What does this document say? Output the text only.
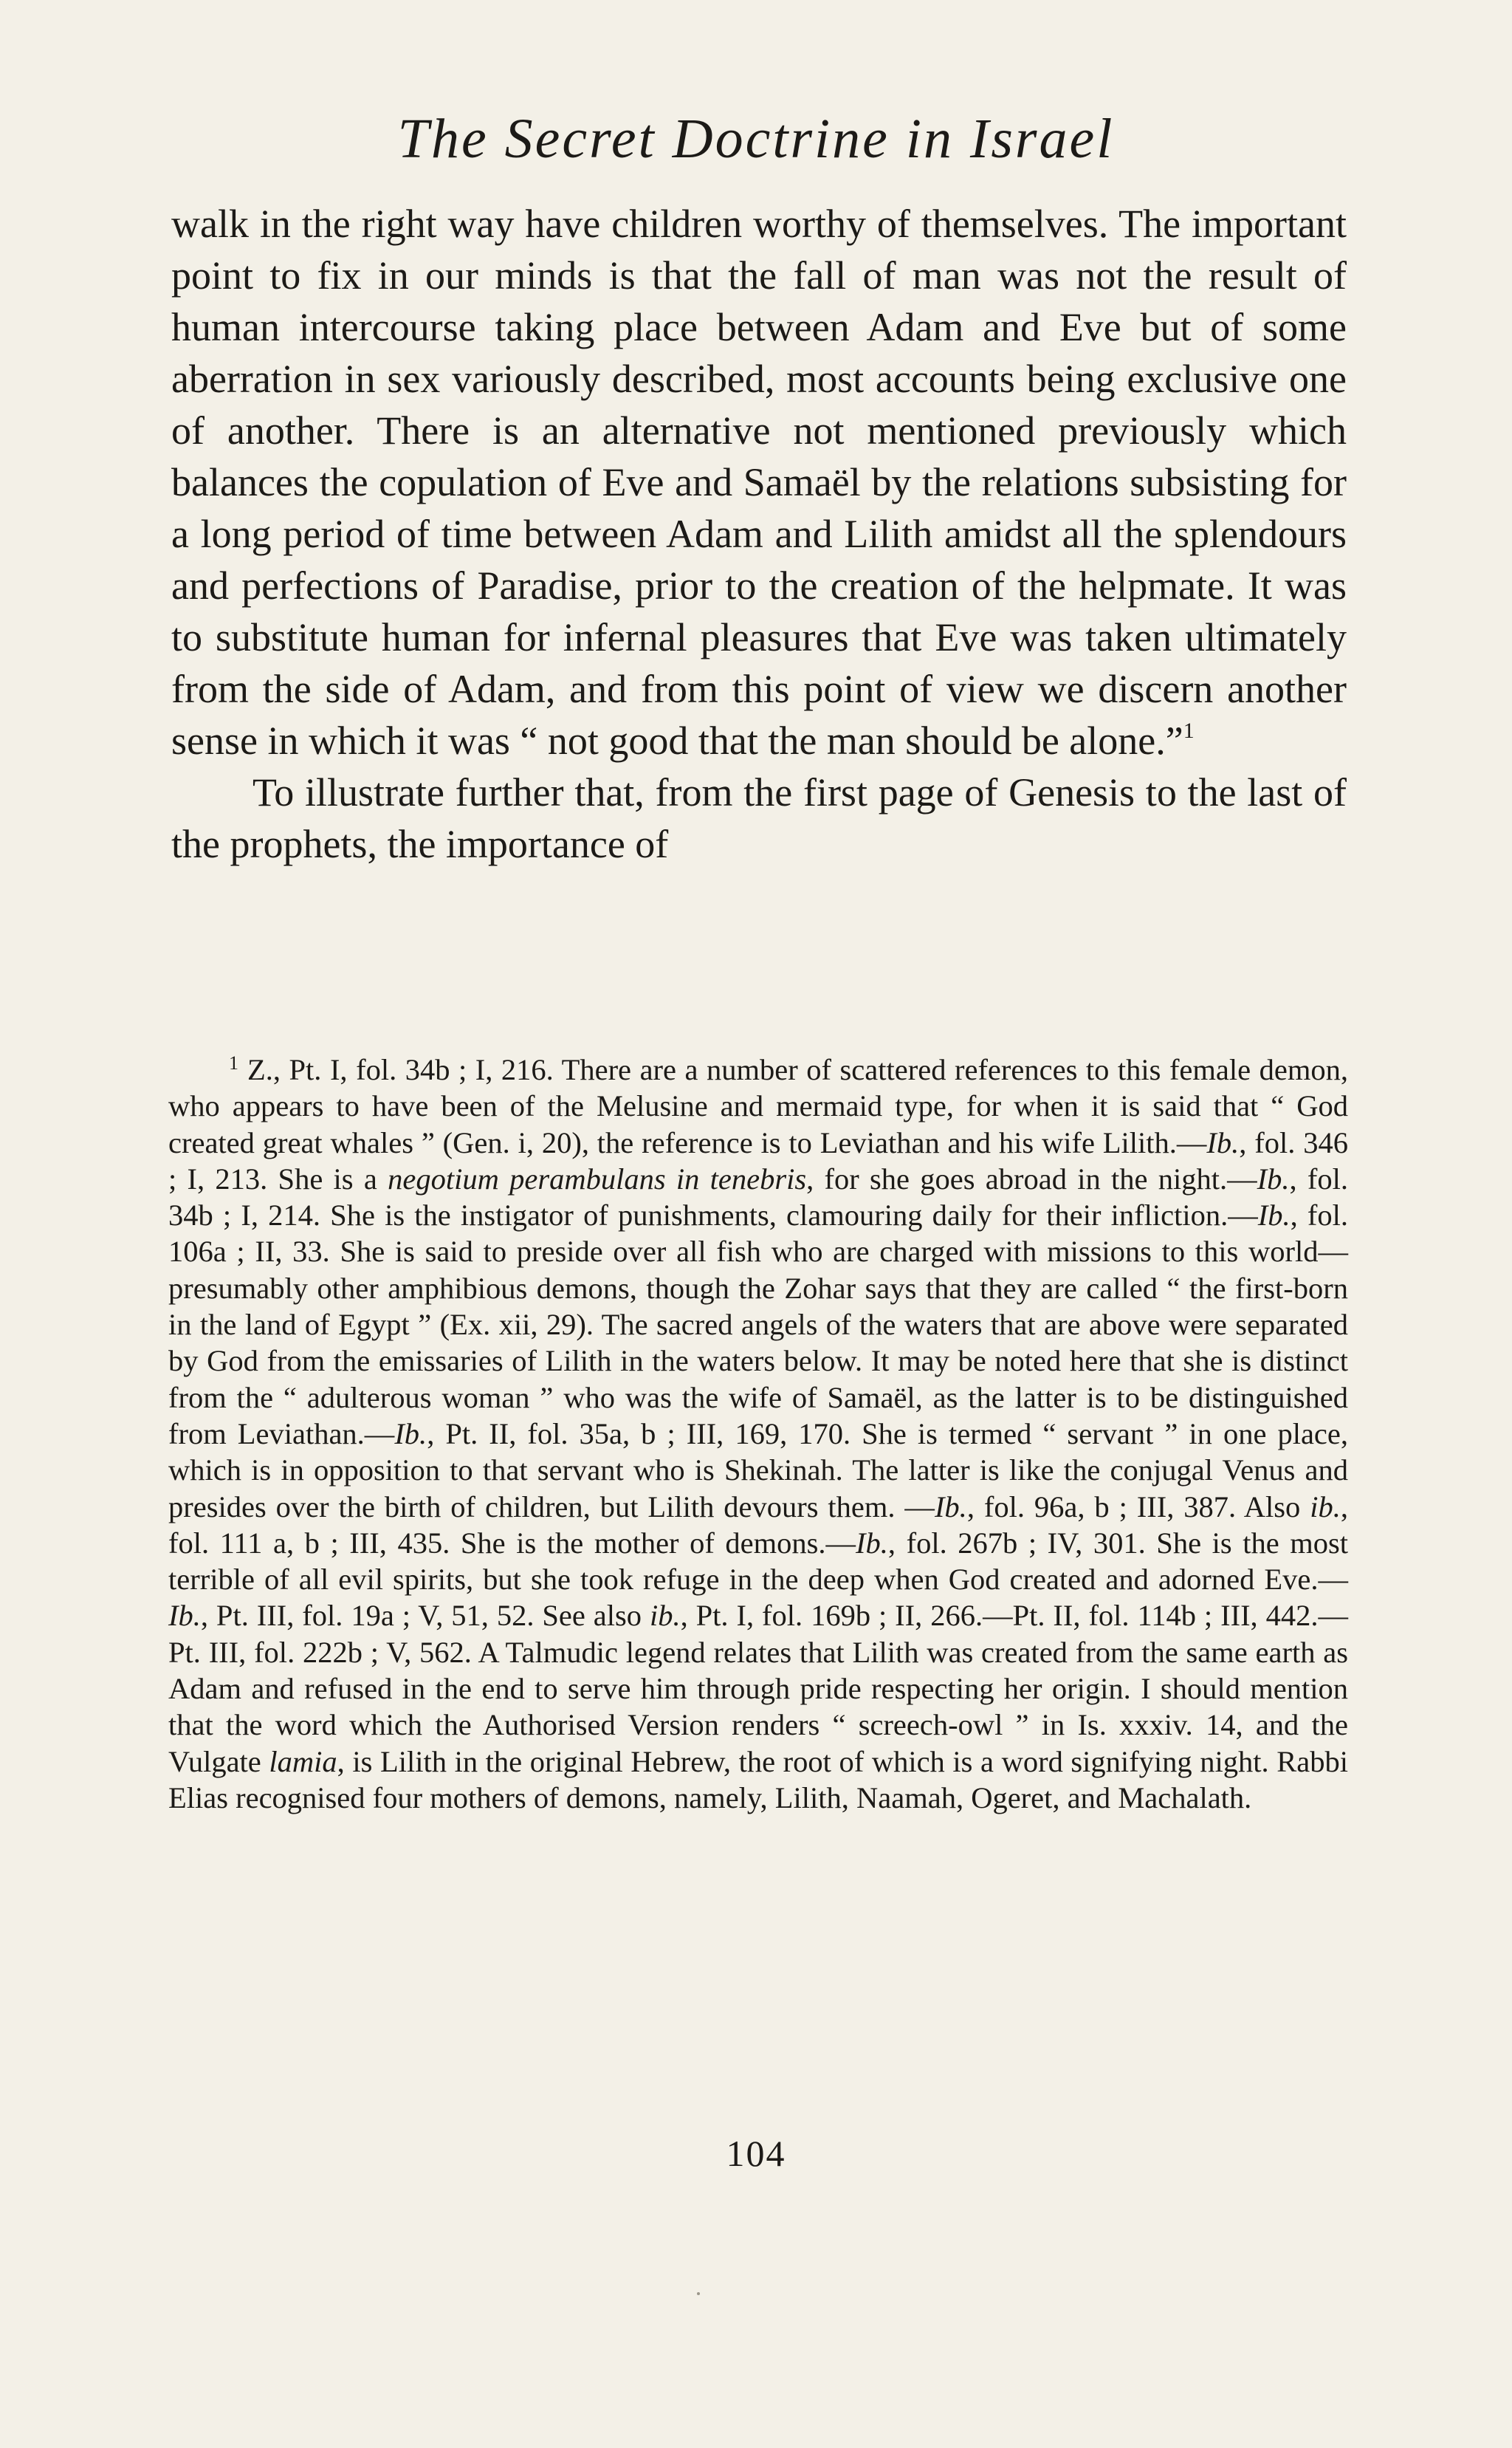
The Secret Doctrine in Israel

walk in the right way have children worthy of themselves. The important point to fix in our minds is that the fall of man was not the result of human intercourse taking place between Adam and Eve but of some aberration in sex variously described, most accounts being exclusive one of another. There is an alternative not mentioned previously which balances the copulation of Eve and Samaël by the relations subsisting for a long period of time between Adam and Lilith amidst all the splendours and perfections of Paradise, prior to the creation of the helpmate. It was to substitute human for infernal pleasures that Eve was taken ultimately from the side of Adam, and from this point of view we discern another sense in which it was “ not good that the man should be alone.”$^1$

To illustrate further that, from the first page of Genesis to the last of the prophets, the importance of

$^1$ Z., Pt. I, fol. 34b ; I, 216. There are a number of scattered references to this female demon, who appears to have been of the Melusine and mermaid type, for when it is said that “ God created great whales ” (Gen. i, 20), the reference is to Leviathan and his wife Lilith.—Ib., fol. 346 ; I, 213. She is a negotium perambulans in tenebris, for she goes abroad in the night.—Ib., fol. 34b ; I, 214. She is the instigator of punishments, clamouring daily for their infliction.—Ib., fol. 106a ; II, 33. She is said to preside over all fish who are charged with missions to this world—presumably other amphibious demons, though the Zohar says that they are called “ the first-born in the land of Egypt ” (Ex. xii, 29). The sacred angels of the waters that are above were separated by God from the emissaries of Lilith in the waters below. It may be noted here that she is distinct from the “ adulterous woman ” who was the wife of Samaël, as the latter is to be distinguished from Leviathan.—Ib., Pt. II, fol. 35a, b ; III, 169, 170. She is termed “ servant ” in one place, which is in opposition to that servant who is Shekinah. The latter is like the conjugal Venus and presides over the birth of children, but Lilith devours them. —Ib., fol. 96a, b ; III, 387. Also ib., fol. 111 a, b ; III, 435. She is the mother of demons.—Ib., fol. 267b ; IV, 301. She is the most terrible of all evil spirits, but she took refuge in the deep when God created and adorned Eve.—Ib., Pt. III, fol. 19a ; V, 51, 52. See also ib., Pt. I, fol. 169b ; II, 266.—Pt. II, fol. 114b ; III, 442.—Pt. III, fol. 222b ; V, 562. A Talmudic legend relates that Lilith was created from the same earth as Adam and refused in the end to serve him through pride respecting her origin. I should mention that the word which the Authorised Version renders “ screech-owl ” in Is. xxxiv. 14, and the Vulgate lamia, is Lilith in the original Hebrew, the root of which is a word signifying night. Rabbi Elias recognised four mothers of demons, namely, Lilith, Naamah, Ogeret, and Machalath.

104
